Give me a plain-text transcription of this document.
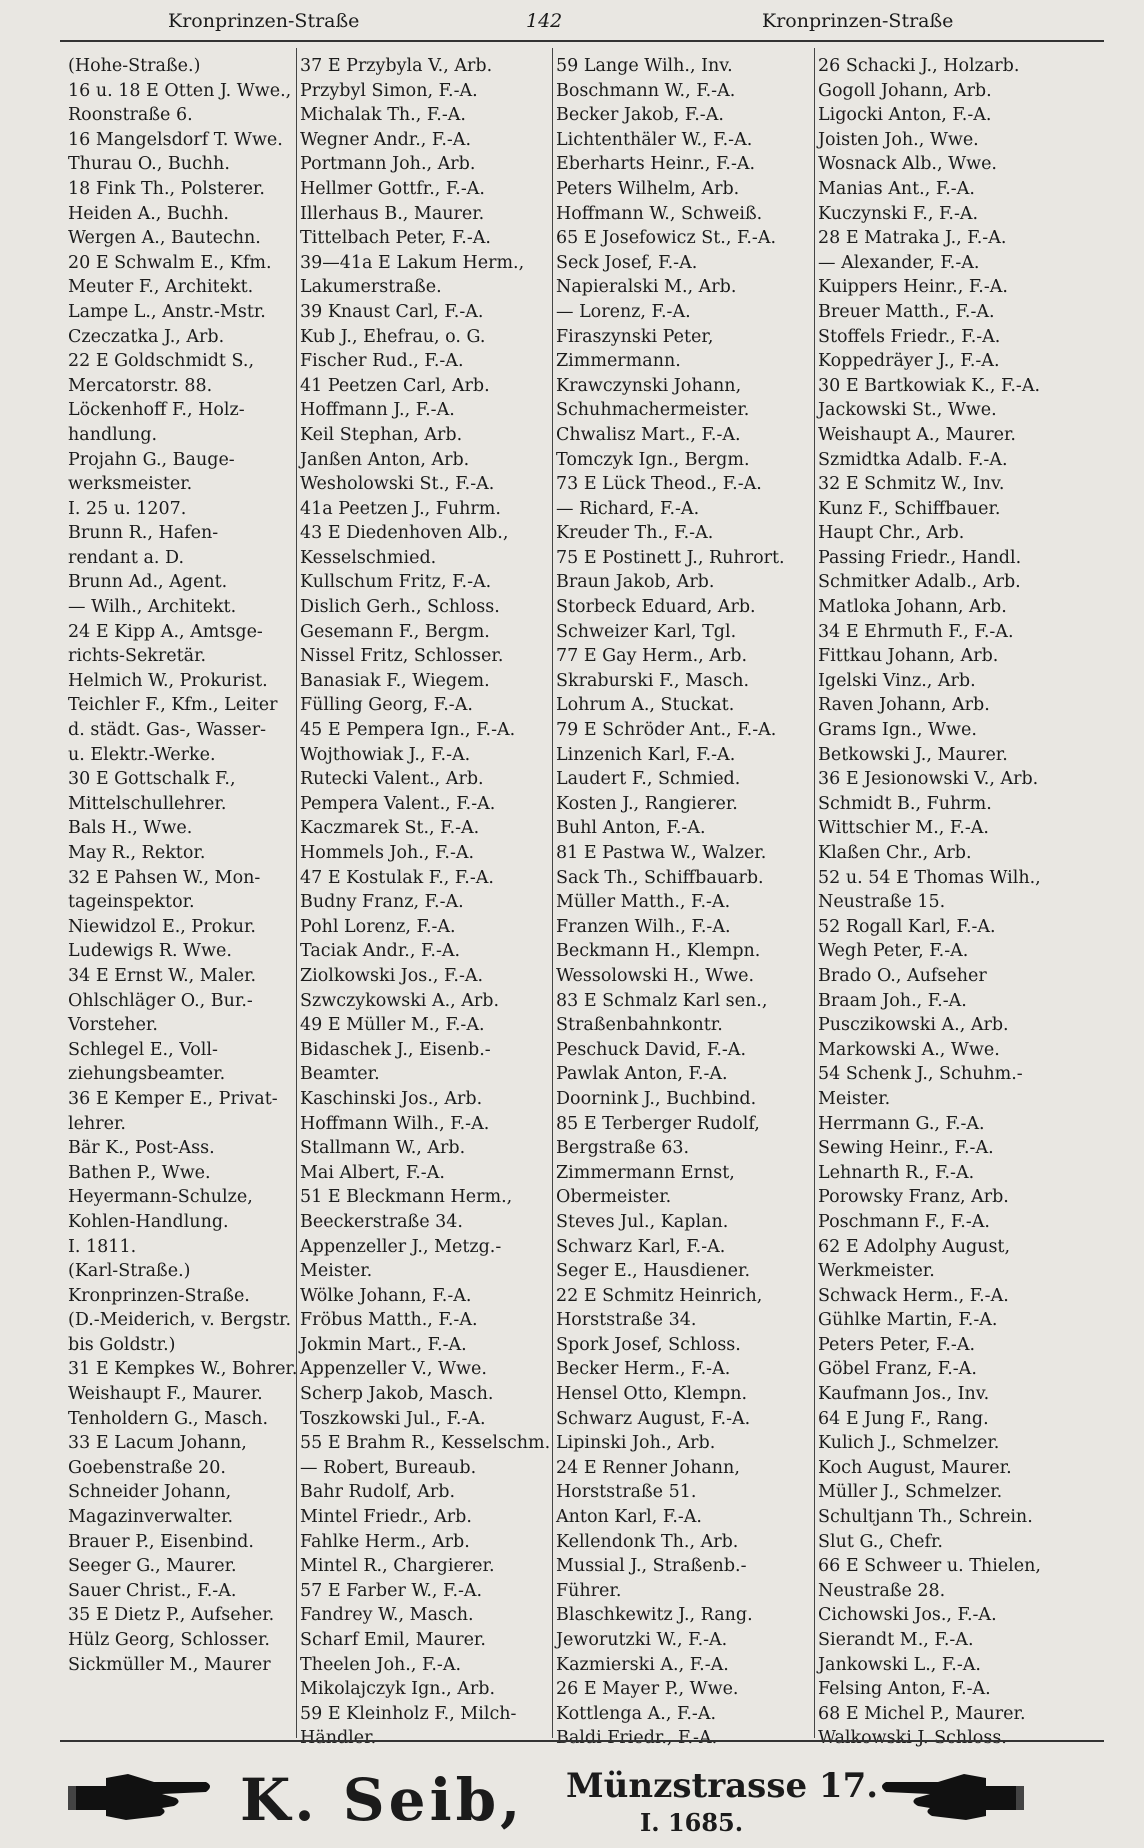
Kronprinzen-Straße	142	Kronprinzen-Straße
(Hohe-Straße.)
16 u. 18 E Otten J. Wwe.,
Roonstraße 6.
16 Mangelsdorf T. Wwe.
Thurau O., Buchh.
18 Fink Th., Polsterer.
Heiden A., Buchh.
Wergen A., Bautechn.
20 E Schwalm E., Kfm.
Meuter F., Architekt.
Lampe L., Anstr.-Mstr.
Czeczatka J., Arb.
22 E Goldschmidt S.,
Mercatorstr. 88.
Löckenhoff F., Holz-
handlung.
Projahn G., Bauge-
werksmeister.
I. 25 u. 1207.
Brunn R., Hafen-
rendant a. D.
Brunn Ad., Agent.
— Wilh., Architekt.
24 E Kipp A., Amtsge-
richts-Sekretär.
Helmich W., Prokurist.
Teichler F., Kfm., Leiter
d. städt. Gas-, Wasser-
u. Elektr.-Werke.
30 E Gottschalk F.,
Mittelschullehrer.
Bals H., Wwe.
May R., Rektor.
32 E Pahsen W., Mon-
tageinspektor.
Niewidzol E., Prokur.
Ludewigs R. Wwe.
34 E Ernst W., Maler.
Ohlschläger O., Bur.-
Vorsteher.
Schlegel E., Voll-
ziehungsbeamter.
36 E Kemper E., Privat-
lehrer.
Bär K., Post-Ass.
Bathen P., Wwe.
Heyermann-Schulze,
Kohlen-Handlung.
I. 1811.
(Karl-Straße.)
Kronprinzen-Straße.
(D.-Meiderich, v. Bergstr.
bis Goldstr.)
31 E Kempkes W., Bohrer.
Weishaupt F., Maurer.
Tenholdern G., Masch.
33 E Lacum Johann,
Goebenstraße 20.
Schneider Johann,
Magazinverwalter.
Brauer P., Eisenbind.
Seeger G., Maurer.
Sauer Christ., F.-A.
35 E Dietz P., Aufseher.
Hülz Georg, Schlosser.
Sickmüller M., Maurer
37 E Przybyla V., Arb.
Przybyl Simon, F.-A.
Michalak Th., F.-A.
Wegner Andr., F.-A.
Portmann Joh., Arb.
Hellmer Gottfr., F.-A.
Illerhaus B., Maurer.
Tittelbach Peter, F.-A.
39—41a E Lakum Herm.,
Lakumerstraße.
39 Knaust Carl, F.-A.
Kub J., Ehefrau, o. G.
Fischer Rud., F.-A.
41 Peetzen Carl, Arb.
Hoffmann J., F.-A.
Keil Stephan, Arb.
Janßen Anton, Arb.
Wesholowski St., F.-A.
41a Peetzen J., Fuhrm.
43 E Diedenhoven Alb.,
Kesselschmied.
Kullschum Fritz, F.-A.
Dislich Gerh., Schloss.
Gesemann F., Bergm.
Nissel Fritz, Schlosser.
Banasiak F., Wiegem.
Fülling Georg, F.-A.
45 E Pempera Ign., F.-A.
Wojthowiak J., F.-A.
Rutecki Valent., Arb.
Pempera Valent., F.-A.
Kaczmarek St., F.-A.
Hommels Joh., F.-A.
47 E Kostulak F., F.-A.
Budny Franz, F.-A.
Pohl Lorenz, F.-A.
Taciak Andr., F.-A.
Ziolkowski Jos., F.-A.
Szwczykowski A., Arb.
49 E Müller M., F.-A.
Bidaschek J., Eisenb.-
Beamter.
Kaschinski Jos., Arb.
Hoffmann Wilh., F.-A.
Stallmann W., Arb.
Mai Albert, F.-A.
51 E Bleckmann Herm.,
Beeckerstraße 34.
Appenzeller J., Metzg.-
Meister.
Wölke Johann, F.-A.
Fröbus Matth., F.-A.
Jokmin Mart., F.-A.
Appenzeller V., Wwe.
Scherp Jakob, Masch.
Toszkowski Jul., F.-A.
55 E Brahm R., Kesselschm.
— Robert, Bureaub.
Bahr Rudolf, Arb.
Mintel Friedr., Arb.
Fahlke Herm., Arb.
Mintel R., Chargierer.
57 E Farber W., F.-A.
Fandrey W., Masch.
Scharf Emil, Maurer.
Theelen Joh., F.-A.
Mikolajczyk Ign., Arb.
59 E Kleinholz F., Milch-
Händler.
59 Lange Wilh., Inv.
Boschmann W., F.-A.
Becker Jakob, F.-A.
Lichtenthäler W., F.-A.
Eberharts Heinr., F.-A.
Peters Wilhelm, Arb.
Hoffmann W., Schweiß.
65 E Josefowicz St., F.-A.
Seck Josef, F.-A.
Napieralski M., Arb.
— Lorenz, F.-A.
Firaszynski Peter,
Zimmermann.
Krawczynski Johann,
Schuhmachermeister.
Chwalisz Mart., F.-A.
Tomczyk Ign., Bergm.
73 E Lück Theod., F.-A.
— Richard, F.-A.
Kreuder Th., F.-A.
75 E Postinett J., Ruhrort.
Braun Jakob, Arb.
Storbeck Eduard, Arb.
Schweizer Karl, Tgl.
77 E Gay Herm., Arb.
Skraburski F., Masch.
Lohrum A., Stuckat.
79 E Schröder Ant., F.-A.
Linzenich Karl, F.-A.
Laudert F., Schmied.
Kosten J., Rangierer.
Buhl Anton, F.-A.
81 E Pastwa W., Walzer.
Sack Th., Schiffbauarb.
Müller Matth., F.-A.
Franzen Wilh., F.-A.
Beckmann H., Klempn.
Wessolowski H., Wwe.
83 E Schmalz Karl sen.,
Straßenbahnkontr.
Peschuck David, F.-A.
Pawlak Anton, F.-A.
Doornink J., Buchbind.
85 E Terberger Rudolf,
Bergstraße 63.
Zimmermann Ernst,
Obermeister.
Steves Jul., Kaplan.
Schwarz Karl, F.-A.
Seger E., Hausdiener.
22 E Schmitz Heinrich,
Horststraße 34.
Spork Josef, Schloss.
Becker Herm., F.-A.
Hensel Otto, Klempn.
Schwarz August, F.-A.
Lipinski Joh., Arb.
24 E Renner Johann,
Horststraße 51.
Anton Karl, F.-A.
Kellendonk Th., Arb.
Mussial J., Straßenb.-
Führer.
Blaschkewitz J., Rang.
Jeworutzki W., F.-A.
Kazmierski A., F.-A.
26 E Mayer P., Wwe.
Kottlenga A., F.-A.
Baldi Friedr., F.-A.
26 Schacki J., Holzarb.
Gogoll Johann, Arb.
Ligocki Anton, F.-A.
Joisten Joh., Wwe.
Wosnack Alb., Wwe.
Manias Ant., F.-A.
Kuczynski F., F.-A.
28 E Matraka J., F.-A.
— Alexander, F.-A.
Kuippers Heinr., F.-A.
Breuer Matth., F.-A.
Stoffels Friedr., F.-A.
Koppedräyer J., F.-A.
30 E Bartkowiak K., F.-A.
Jackowski St., Wwe.
Weishaupt A., Maurer.
Szmidtka Adalb. F.-A.
32 E Schmitz W., Inv.
Kunz F., Schiffbauer.
Haupt Chr., Arb.
Passing Friedr., Handl.
Schmitker Adalb., Arb.
Matloka Johann, Arb.
34 E Ehrmuth F., F.-A.
Fittkau Johann, Arb.
Igelski Vinz., Arb.
Raven Johann, Arb.
Grams Ign., Wwe.
Betkowski J., Maurer.
36 E Jesionowski V., Arb.
Schmidt B., Fuhrm.
Wittschier M., F.-A.
Klaßen Chr., Arb.
52 u. 54 E Thomas Wilh.,
Neustraße 15.
52 Rogall Karl, F.-A.
Wegh Peter, F.-A.
Brado O., Aufseher
Braam Joh., F.-A.
Pusczikowski A., Arb.
Markowski A., Wwe.
54 Schenk J., Schuhm.-
Meister.
Herrmann G., F.-A.
Sewing Heinr., F.-A.
Lehnarth R., F.-A.
Porowsky Franz, Arb.
Poschmann F., F.-A.
62 E Adolphy August,
Werkmeister.
Schwack Herm., F.-A.
Gühlke Martin, F.-A.
Peters Peter, F.-A.
Göbel Franz, F.-A.
Kaufmann Jos., Inv.
64 E Jung F., Rang.
Kulich J., Schmelzer.
Koch August, Maurer.
Müller J., Schmelzer.
Schultjann Th., Schrein.
Slut G., Chefr.
66 E Schweer u. Thielen,
Neustraße 28.
Cichowski Jos., F.-A.
Sierandt M., F.-A.
Jankowski L., F.-A.
Felsing Anton, F.-A.
68 E Michel P., Maurer.
Walkowski J. Schloss.
K. Seib, Münzstrasse 17.
I. 1685.
